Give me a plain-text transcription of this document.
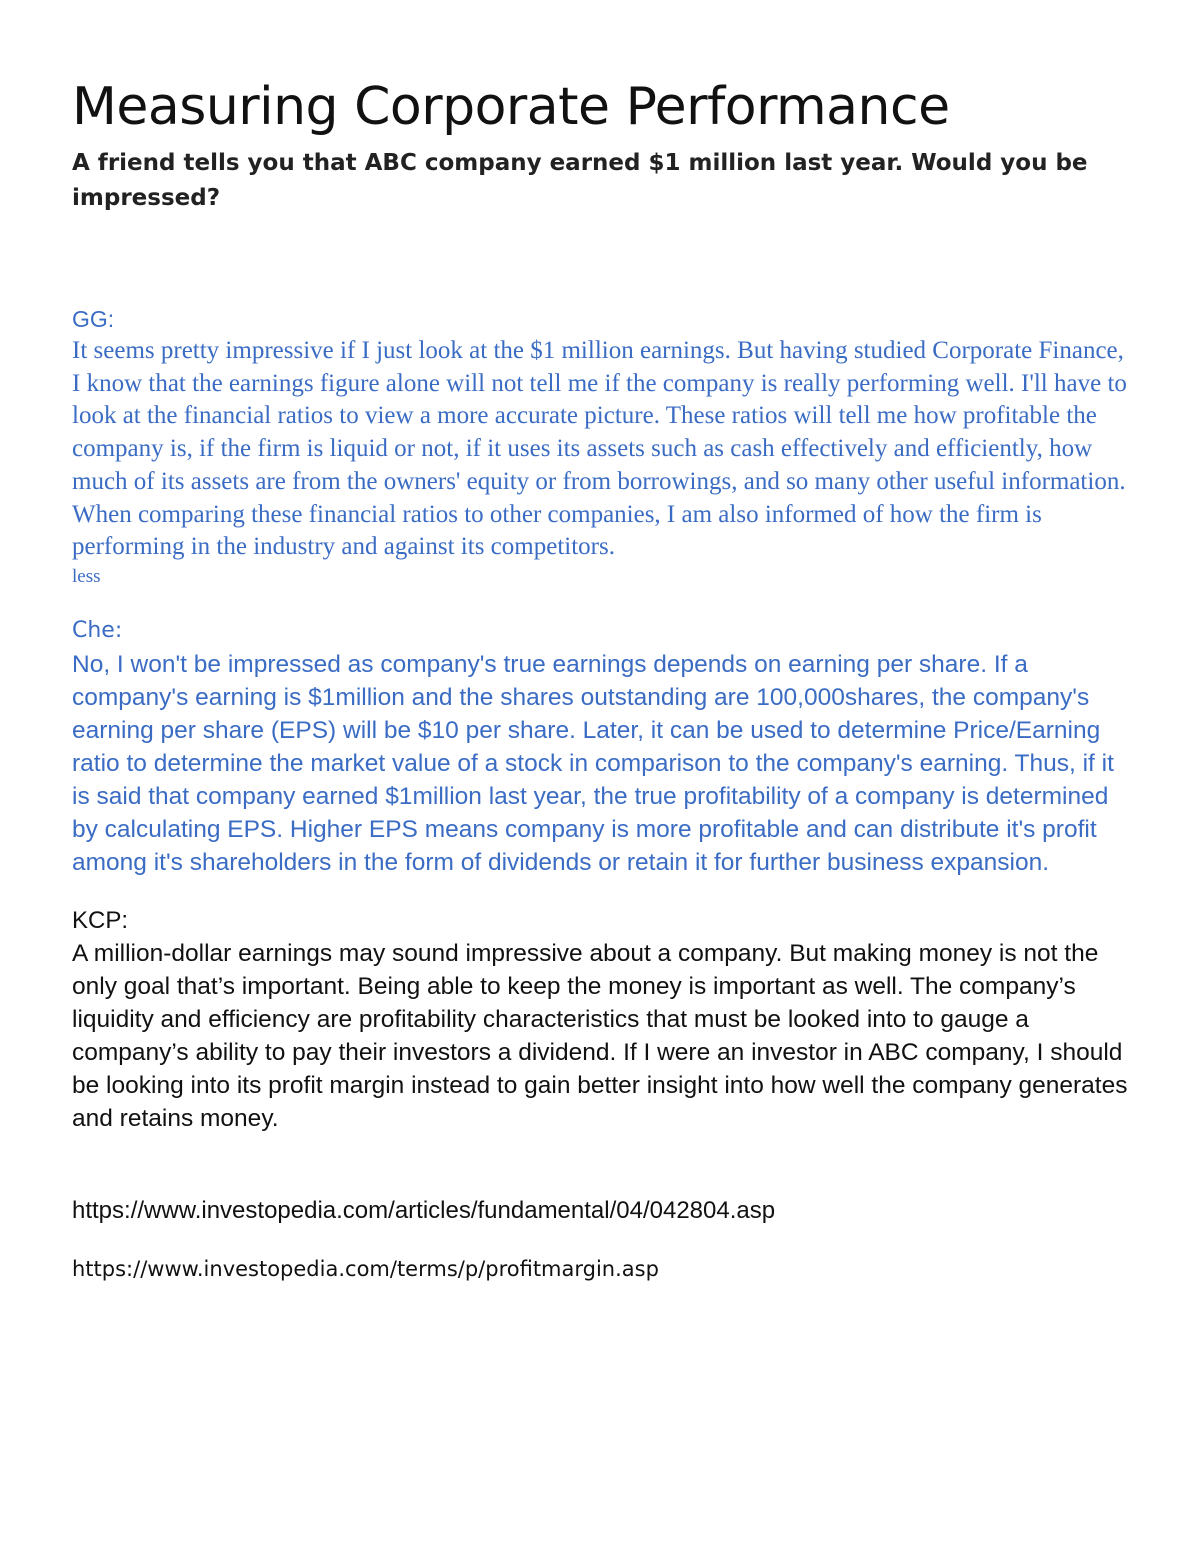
Measuring Corporate Performance

A friend tells you that ABC company earned $1 million last year. Would you be impressed?

GG:

It seems pretty impressive if I just look at the $1 million earnings. But having studied Corporate Finance, I know that the earnings figure alone will not tell me if the company is really performing well. I'll have to look at the financial ratios to view a more accurate picture. These ratios will tell me how profitable the company is, if the firm is liquid or not, if it uses its assets such as cash effectively and efficiently, how much of its assets are from the owners' equity or from borrowings, and so many other useful information. When comparing these financial ratios to other companies, I am also informed of how the firm is performing in the industry and against its competitors.

less

Che:

No, I won't be impressed as company's true earnings depends on earning per share. If a company's earning is $1million and the shares outstanding are 100,000shares, the company's earning per share (EPS) will be $10 per share. Later, it can be used to determine Price/Earning ratio to determine the market value of a stock in comparison to the company's earning. Thus, if it is said that company earned $1million last year, the true profitability of a company is determined by calculating EPS. Higher EPS means company is more profitable and can distribute it's profit among it's shareholders in the form of dividends or retain it for further business expansion.

KCP:

A million-dollar earnings may sound impressive about a company. But making money is not the only goal that’s important. Being able to keep the money is important as well. The company’s liquidity and efficiency are profitability characteristics that must be looked into to gauge a company’s ability to pay their investors a dividend. If I were an investor in ABC company, I should be looking into its profit margin instead to gain better insight into how well the company generates and retains money.

https://www.investopedia.com/articles/fundamental/04/042804.asp
https://www.investopedia.com/terms/p/profitmargin.asp
